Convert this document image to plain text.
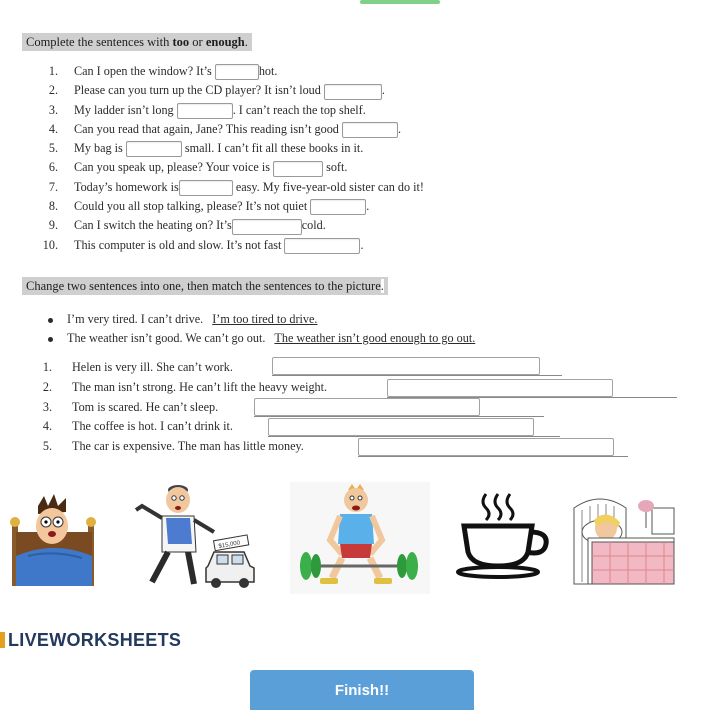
Complete the sentences with too or enough.
1. Can I open the window? It’s	hot.
2. Please can you turn up the CD player? It isn’t loud	.
3. My ladder isn’t long	. I can’t reach the top shelf.
4. Can you read that again, Jane? This reading isn’t good	.
5. My bag is	small. I can’t fit all these books in it.
6. Can you speak up, please? Your voice is	soft.
7. Today’s homework is	easy. My five-year-old sister can do it!
8. Could you all stop talking, please? It’s not quiet	.
9. Can I switch the heating on? It’s	cold.
10. This computer is old and slow. It’s not fast	.
Change two sentences into one, then match the sentences to the picture.
I’m very tired. I can’t drive. I’m too tired to drive.
The weather isn’t good. We can’t go out. The weather isn’t good enough to go out.
1. Helen is very ill. She can’t work.
2. The man isn’t strong. He can’t lift the heavy weight.
3. Tom is scared. He can’t sleep.
4. The coffee is hot. I can’t drink it.
5. The car is expensive. The man has little money.
$15,000
LIVEWORKSHEETS
Finish!!
